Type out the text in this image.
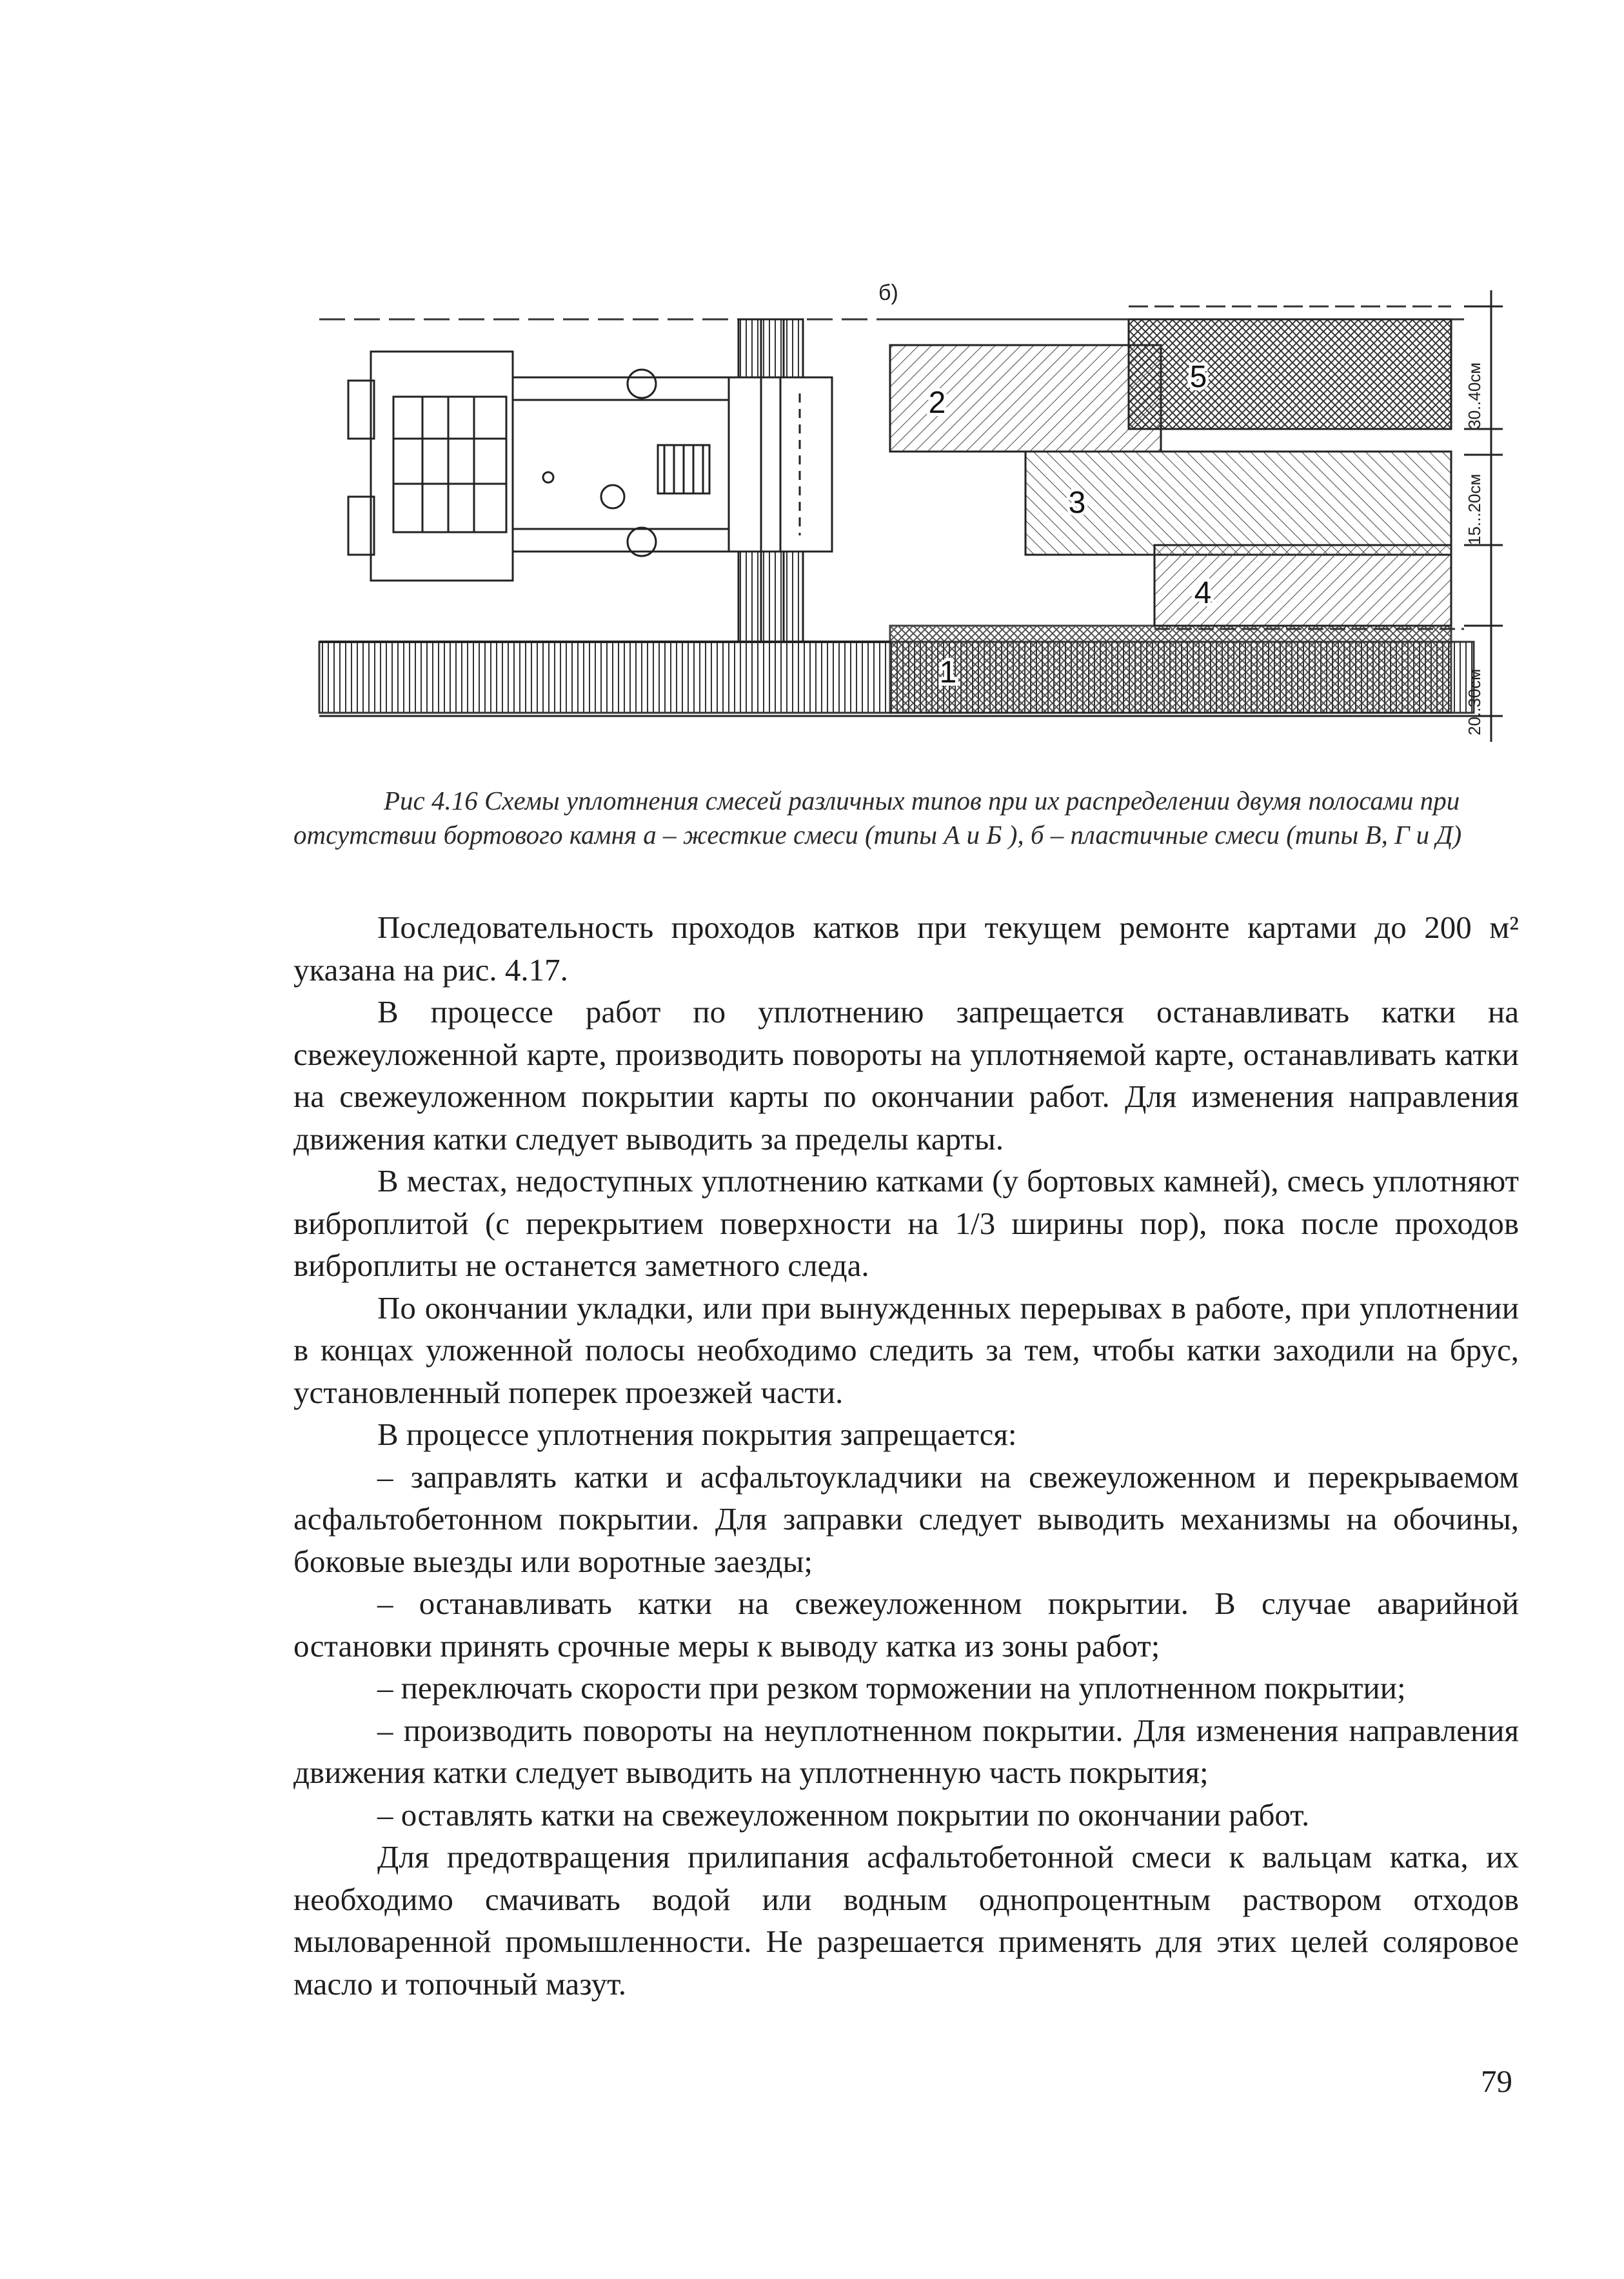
2
5
3
4
1
б)
30..40см
15...20см
20..30см
Рис 4.16 Схемы уплотнения смесей различных типов при их распределении двумя полосами при отсутствии бортового камня а – жесткие смеси (типы А и Б ), б – пластичные смеси (типы В, Г и Д)

Последовательность проходов катков при текущем ремонте картами до 200 м² указана на рис. 4.17.

В процессе работ по уплотнению запрещается останавливать катки на свежеуложенной карте, производить повороты на уплотняемой карте, останавливать катки на свежеуложенном покрытии карты по окончании работ. Для изменения направления движения катки следует выводить за пределы карты.

В местах, недоступных уплотнению катками (у бортовых камней), смесь уплотняют виброплитой (с перекрытием поверхности на 1/3 ширины пор), пока после проходов виброплиты не останется заметного следа.

По окончании укладки, или при вынужденных перерывах в работе, при уплотнении в концах уложенной полосы необходимо следить за тем, чтобы катки заходили на брус, установленный поперек проезжей части.

В процессе уплотнения покрытия запрещается:

– заправлять катки и асфальтоукладчики на свежеуложенном и перекрываемом асфальтобетонном покрытии. Для заправки следует выводить механизмы на обочины, боковые выезды или воротные заезды;

– останавливать катки на свежеуложенном покрытии. В случае аварийной остановки принять срочные меры к выводу катка из зоны работ;

– переключать скорости при резком торможении на уплотненном покрытии;

– производить повороты на неуплотненном покрытии. Для изменения направления движения катки следует выводить на уплотненную часть покрытия;

– оставлять катки на свежеуложенном покрытии по окончании работ.

Для предотвращения прилипания асфальтобетонной смеси к вальцам катка, их необходимо смачивать водой или водным однопроцентным раствором отходов мыловаренной промышленности. Не разрешается применять для этих целей соляровое масло и топочный мазут.

79
